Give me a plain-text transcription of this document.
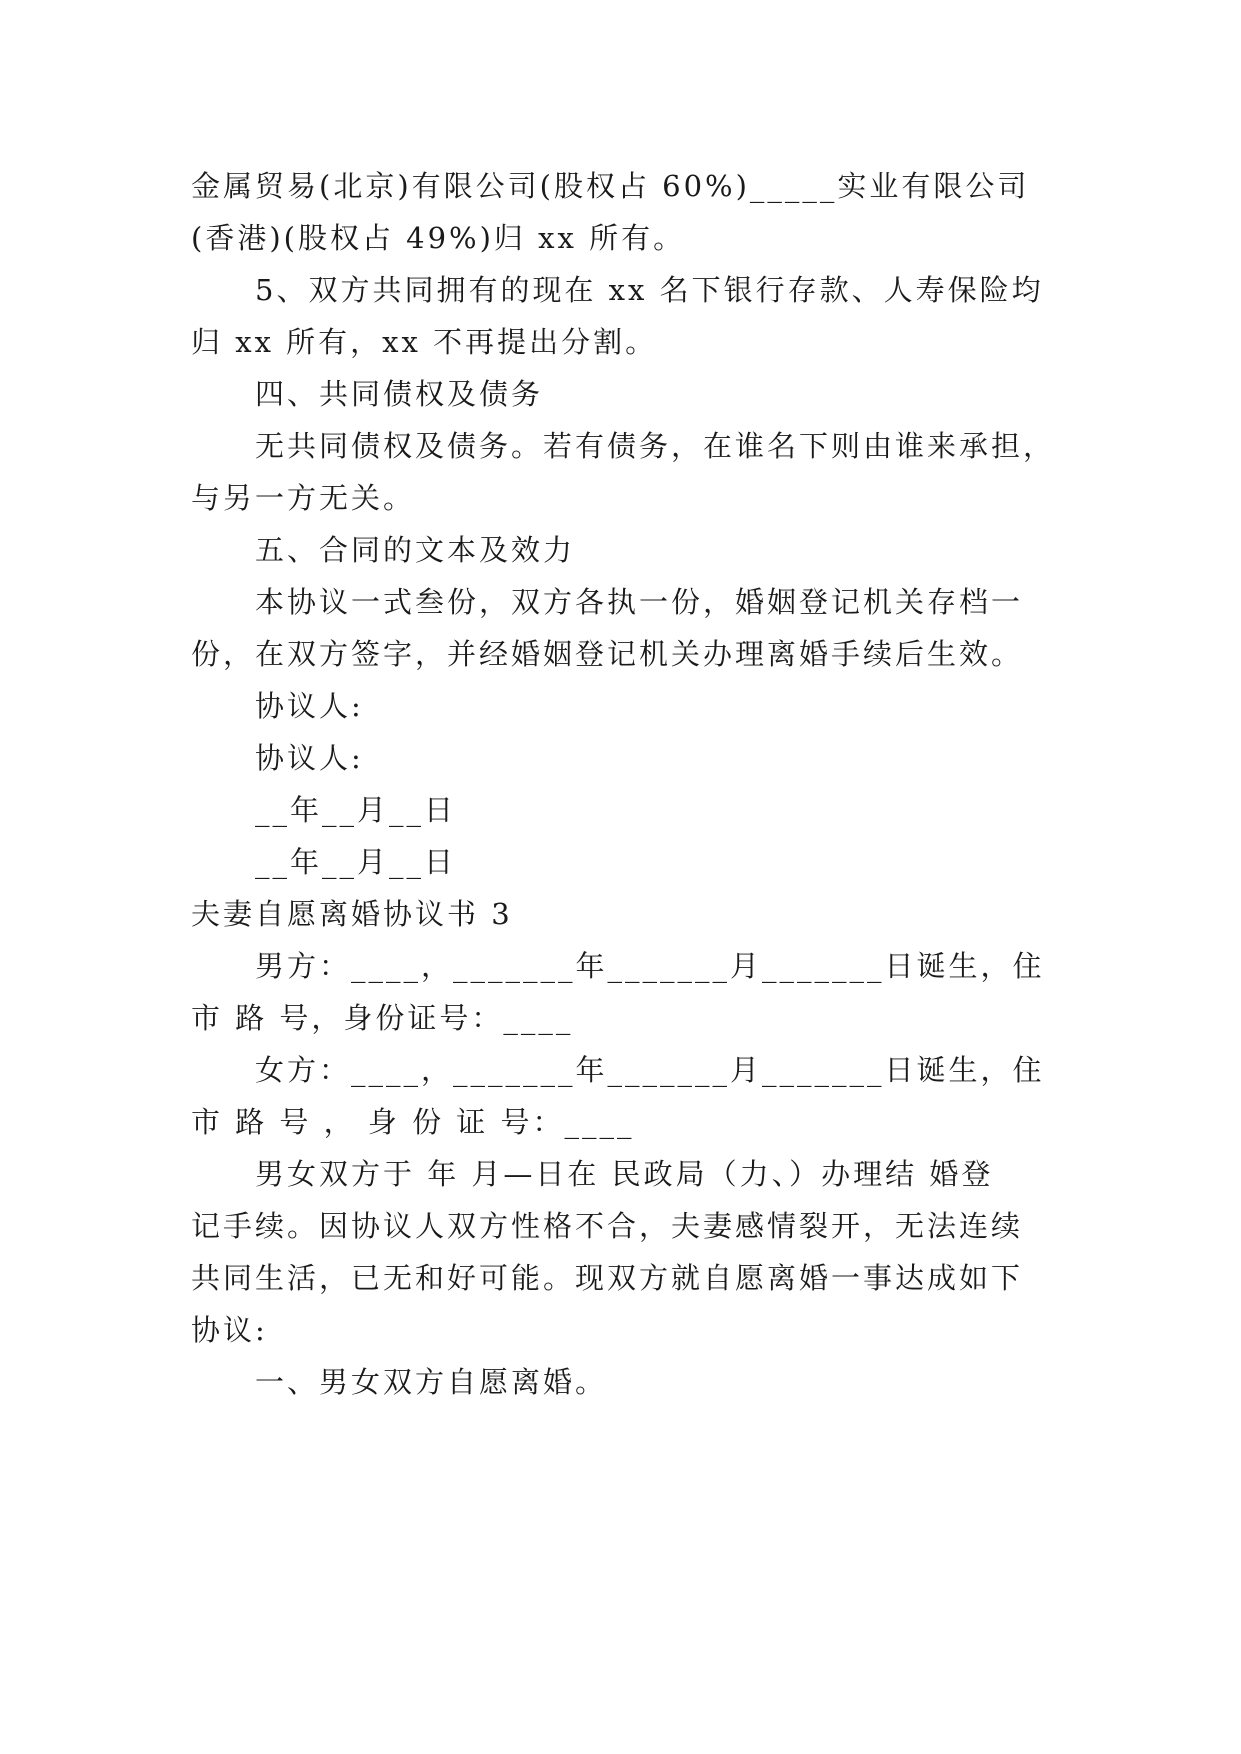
金属贸易(北京)有限公司(股权占 60%)_____实业有限公司
(香港)(股权占 49%)归 xx 所有。
5、双方共同拥有的现在 xx 名下银行存款、人寿保险均
归 xx 所有，xx 不再提出分割。
四、共同债权及债务
无共同债权及债务。若有债务，在谁名下则由谁来承担，
与另一方无关。
五、合同的文本及效力
本协议一式叁份，双方各执一份，婚姻登记机关存档一
份，在双方签字，并经婚姻登记机关办理离婚手续后生效。
协议人:
协议人:
__年__月__日
__年__月__日
夫妻自愿离婚协议书 3
男方：____，_______年_______月_______日诞生，住
市 路 号，身份证号：____
女方：____，_______年_______月_______日诞生，住
市 路 号 ， 身 份 证 号：____
男女双方于 年 月—日在 民政局（力、）办理结 婚登
记手续。因协议人双方性格不合，夫妻感情裂开，无法连续
共同生活，已无和好可能。现双方就自愿离婚一事达成如下
协议:
一、男女双方自愿离婚。
